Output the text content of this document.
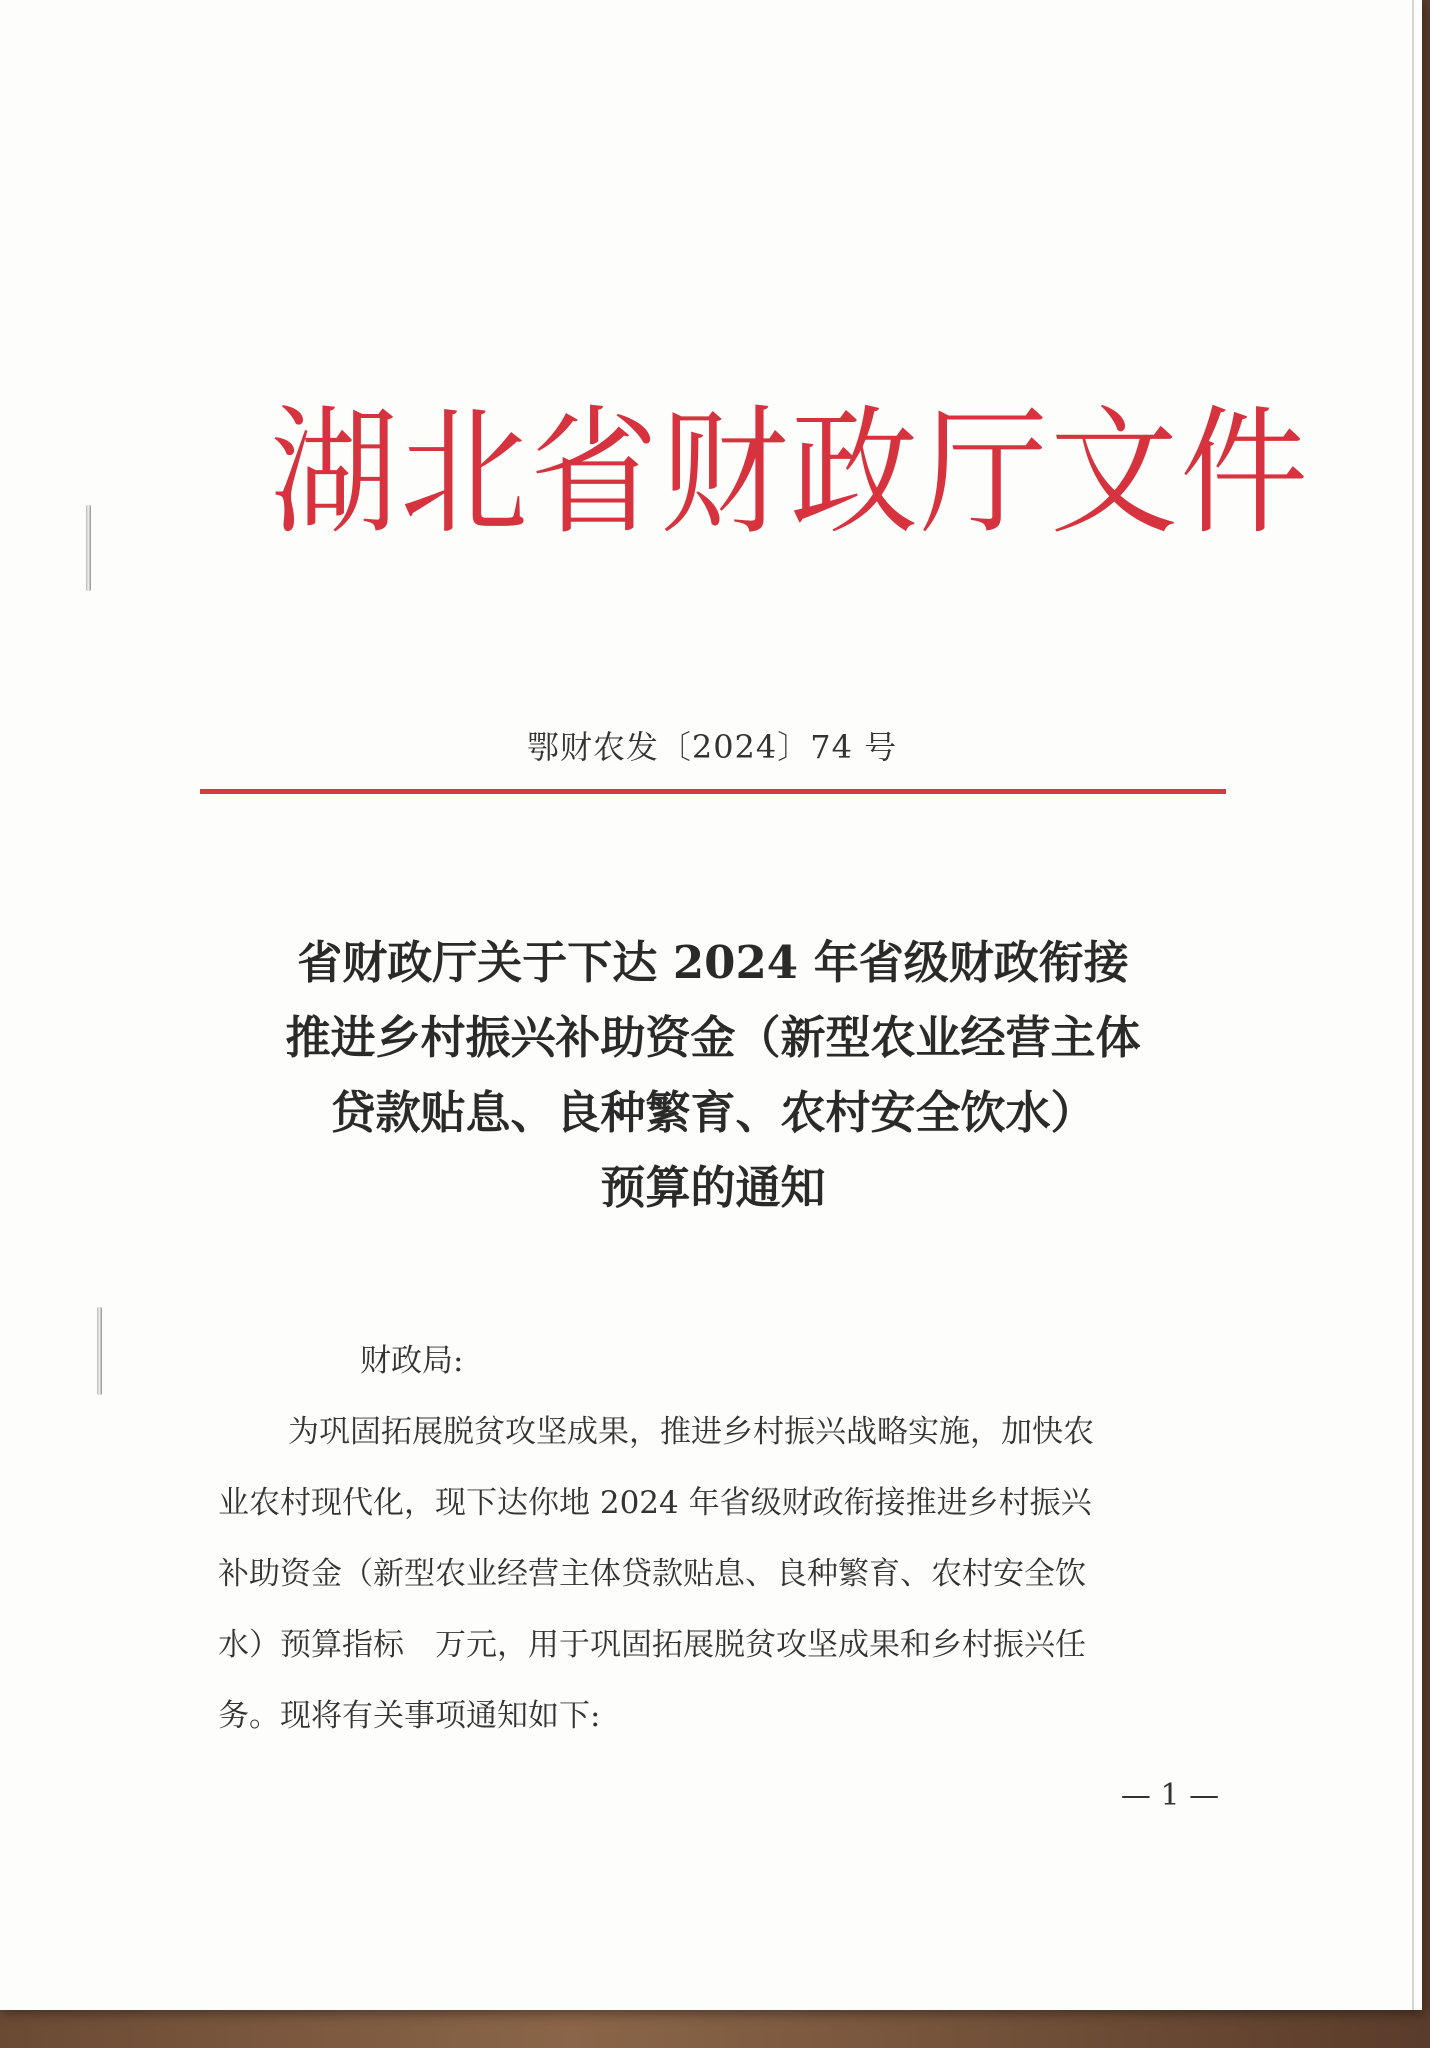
湖北省财政厅文件
鄂财农发〔2024〕74 号
省财政厅关于下达 2024 年省级财政衔接
推进乡村振兴补助资金（新型农业经营主体
贷款贴息、良种繁育、农村安全饮水）
预算的通知
财政局:
为巩固拓展脱贫攻坚成果，推进乡村振兴战略实施，加快农
业农村现代化，现下达你地 2024 年省级财政衔接推进乡村振兴
补助资金（新型农业经营主体贷款贴息、良种繁育、农村安全饮
水）预算指标　万元，用于巩固拓展脱贫攻坚成果和乡村振兴任
务。现将有关事项通知如下:
— 1 —
